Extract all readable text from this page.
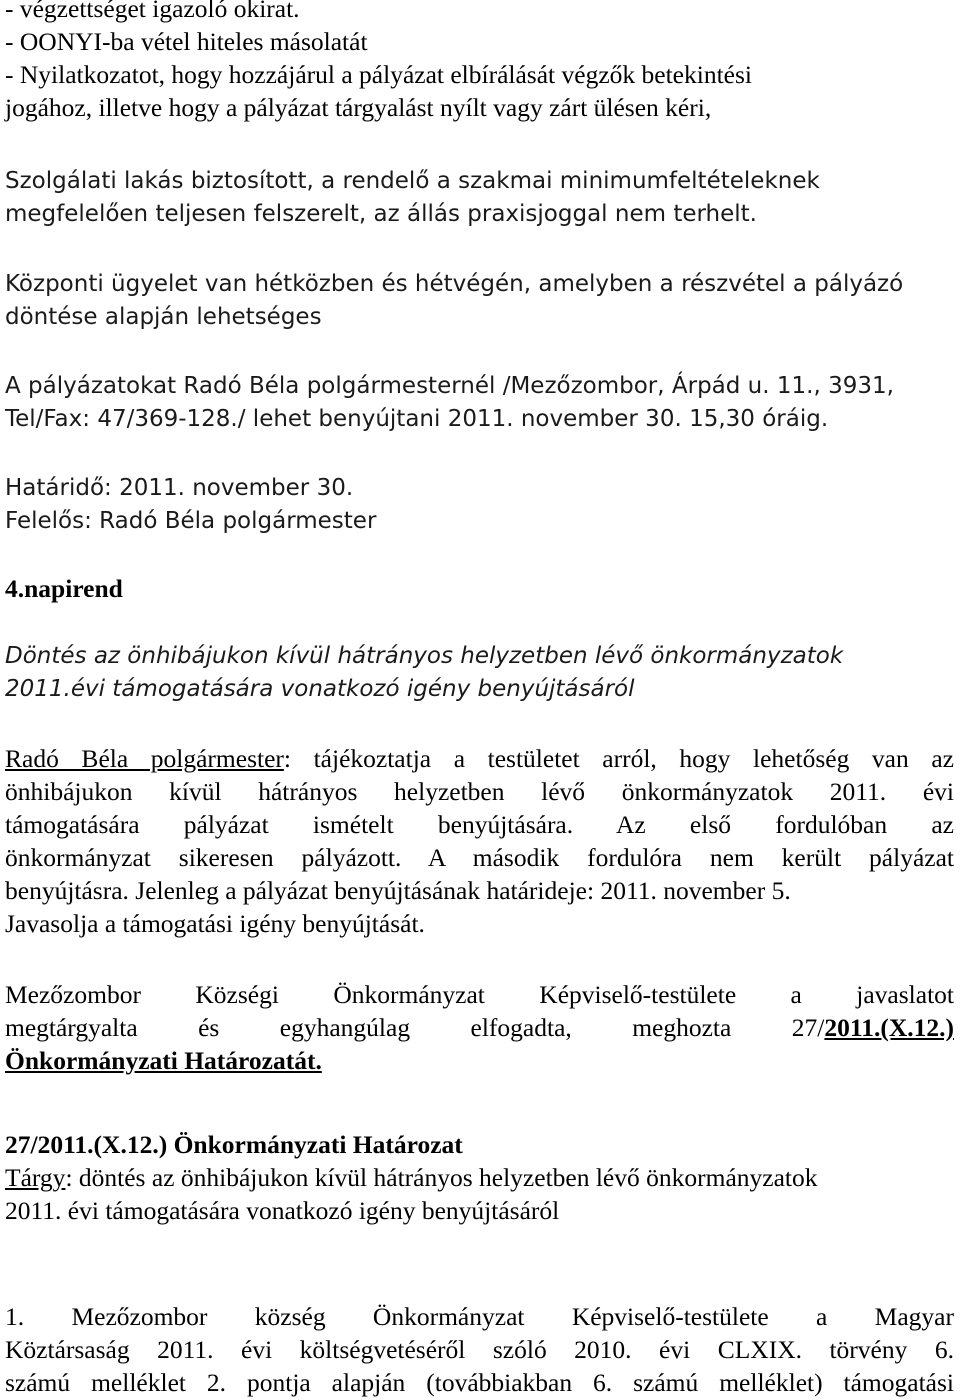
- végzettséget igazoló okirat.
- OONYI-ba vétel hiteles másolatát
- Nyilatkozatot, hogy hozzájárul a pályázat elbírálását végzők betekintési
jogához, illetve hogy a pályázat tárgyalást nyílt vagy zárt ülésen kéri,
Szolgálati lakás biztosított, a rendelő a szakmai minimumfeltételeknek
megfelelően teljesen felszerelt, az állás praxisjoggal nem terhelt.
Központi ügyelet van hétközben és hétvégén, amelyben a részvétel a pályázó
döntése alapján lehetséges
A pályázatokat Radó Béla polgármesternél /Mezőzombor, Árpád u. 11., 3931,
Tel/Fax: 47/369-128./ lehet benyújtani 2011. november 30. 15,30 óráig.
Határidő: 2011. november 30.
Felelős: Radó Béla polgármester
4.napirend
Döntés az önhibájukon kívül hátrányos helyzetben lévő önkormányzatok
2011.évi támogatására vonatkozó igény benyújtásáról
Radó Béla polgármester: tájékoztatja a testületet arról, hogy lehetőség van az
önhibájukon kívül hátrányos helyzetben lévő önkormányzatok 2011. évi
támogatására pályázat ismételt benyújtására. Az első fordulóban az
önkormányzat sikeresen pályázott. A második fordulóra nem került pályázat
benyújtásra. Jelenleg a pályázat benyújtásának határideje: 2011. november 5.
Javasolja a támogatási igény benyújtását.
Mezőzombor Községi Önkormányzat Képviselő-testülete a javaslatot
megtárgyalta és egyhangúlag elfogadta, meghozta 27/2011.(X.12.)
Önkormányzati Határozatát.
27/2011.(X.12.) Önkormányzati Határozat
Tárgy: döntés az önhibájukon kívül hátrányos helyzetben lévő önkormányzatok
2011. évi támogatására vonatkozó igény benyújtásáról
1. Mezőzombor község Önkormányzat Képviselő-testülete a Magyar
Köztársaság 2011. évi költségvetéséről szóló 2010. évi CLXIX. törvény 6.
számú melléklet 2. pontja alapján (továbbiakban 6. számú melléklet) támogatási
